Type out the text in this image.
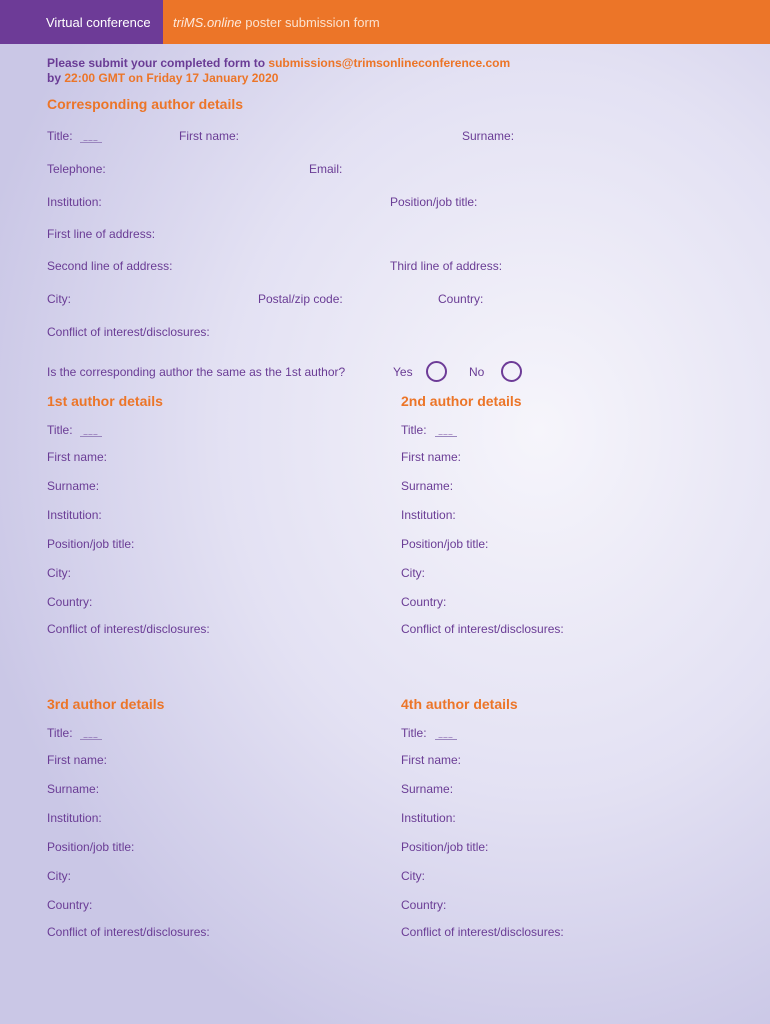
Virtual conference	triMS.online poster submission form
Please submit your completed form to submissions@trimsonlineconference.com
by 22:00 GMT on Friday 17 January 2020
Corresponding author details
Title:	___	First name:	Surname:
Telephone:	Email:
Institution:	Position/job title:
First line of address:
Second line of address:	Third line of address:
City:	Postal/zip code:	Country:
Conflict of interest/disclosures:
Is the corresponding author the same as the 1st author?	Yes	No
1st author details
Title:	___
First name:
Surname:
Institution:
Position/job title:
City:
Country:
Conflict of interest/disclosures:
2nd author details
Title:	___
First name:
Surname:
Institution:
Position/job title:
City:
Country:
Conflict of interest/disclosures:
3rd author details
Title:	___
First name:
Surname:
Institution:
Position/job title:
City:
Country:
Conflict of interest/disclosures:
4th author details
Title:	___
First name:
Surname:
Institution:
Position/job title:
City:
Country:
Conflict of interest/disclosures:
